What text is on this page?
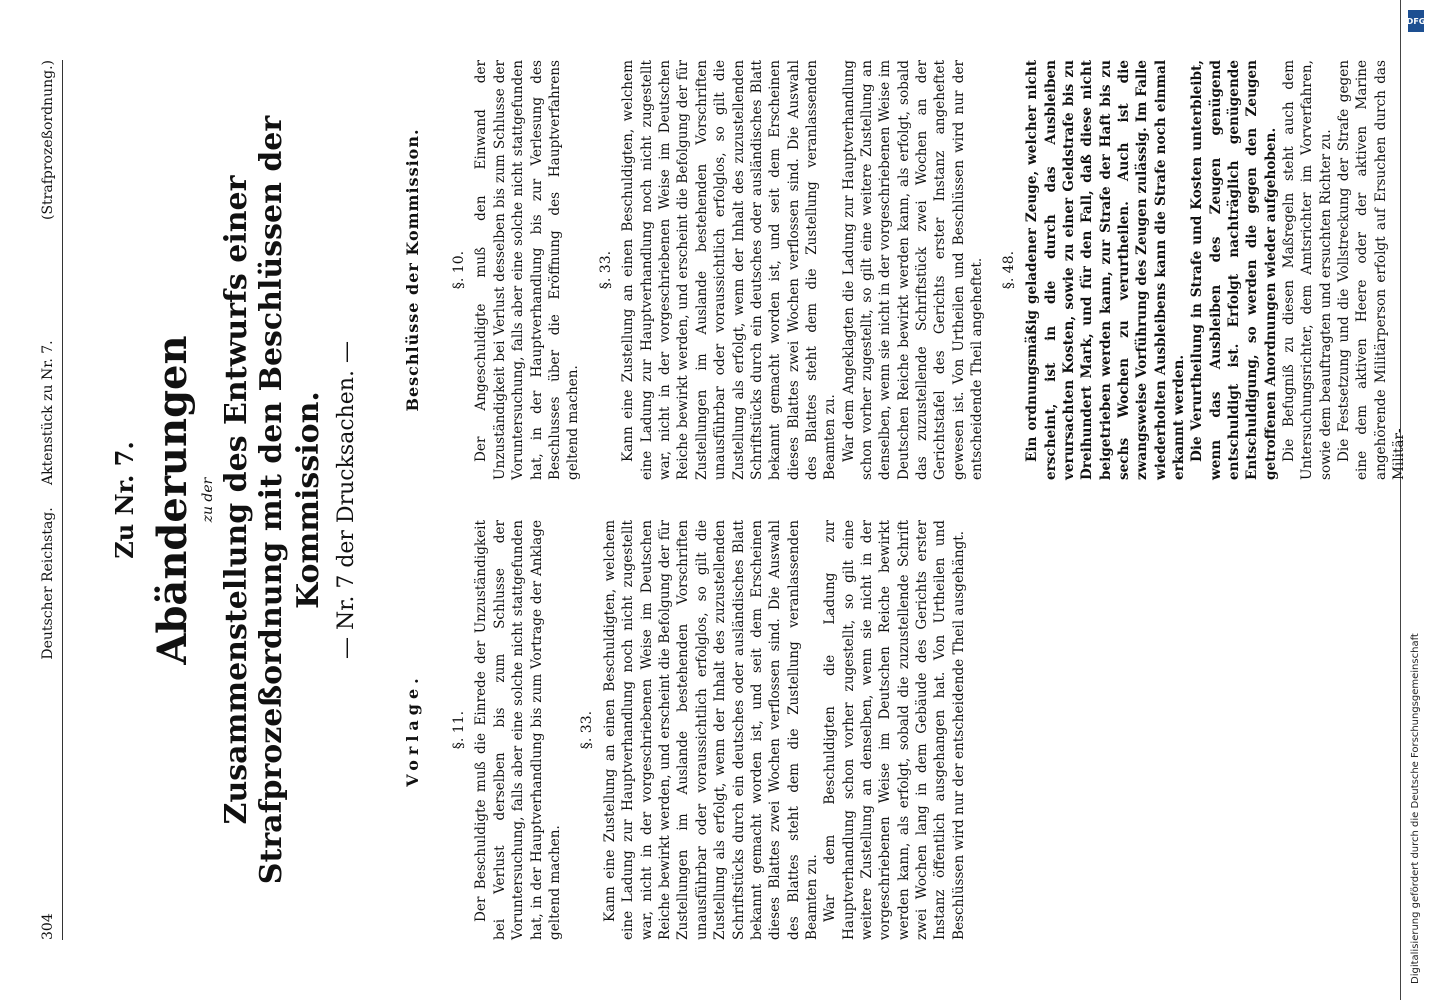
304
Deutscher Reichstag.     Aktenstück zu Nr. 7.
(Strafprozeßordnung.)

Zu Nr. 7. Abänderungen zu der Zusammenstellung des Entwurfs einer Strafprozeßordnung mit den Beschlüssen der Kommission. — Nr. 7 der Drucksachen. —

Vorlage. §. 11. Der Beschuldigte muß die Einrede der Unzuständigkeit bei Verlust derselben bis zum Schlusse der Voruntersuchung, falls aber eine solche nicht stattgefunden hat, in der Hauptverhandlung bis zum Vortrage der Anklage geltend machen.

§. 33. Kann eine Zustellung an einen Beschuldigten, welchem eine Ladung zur Hauptverhandlung noch nicht zugestellt war, nicht in der vorgeschriebenen Weise im Deutschen Reiche bewirkt werden, und erscheint die Befolgung der für Zustellungen im Auslande bestehenden Vorschriften unausführbar oder voraussichtlich erfolglos, so gilt die Zustellung als erfolgt, wenn der Inhalt des zuzustellenden Schriftstücks durch ein deutsches oder ausländisches Blatt bekannt gemacht worden ist, und seit dem Erscheinen dieses Blattes zwei Wochen verflossen sind. Die Auswahl des Blattes steht dem die Zustellung veranlassenden Beamten zu. War dem Beschuldigten die Ladung zur Hauptverhandlung schon vorher zugestellt, so gilt eine weitere Zustellung an denselben, wenn sie nicht in der vorgeschriebenen Weise im Deutschen Reiche bewirkt werden kann, als erfolgt, sobald die zuzustellende Schrift zwei Wochen lang in dem Gebäude des Gerichts erster Instanz öffentlich ausgehangen hat. Von Urtheilen und Beschlüssen wird nur der entscheidende Theil ausgehängt.

Beschlüsse der Kommission. §. 10. Der Angeschuldigte muß den Einwand der Unzuständigkeit bei Verlust desselben bis zum Schlusse der Voruntersuchung, falls aber eine solche nicht stattgefunden hat, in der Hauptverhandlung bis zur Verlesung des Beschlusses über die Eröffnung des Hauptverfahrens geltend machen.

§. 33. Kann eine Zustellung an einen Beschuldigten, welchem eine Ladung zur Hauptverhandlung noch nicht zugestellt war, nicht in der vorgeschriebenen Weise im Deutschen Reiche bewirkt werden, und erscheint die Befolgung der für Zustellungen im Auslande bestehenden Vorschriften unausführbar oder voraussichtlich erfolglos, so gilt die Zustellung als erfolgt, wenn der Inhalt des zuzustellenden Schriftstücks durch ein deutsches oder ausländisches Blatt bekannt gemacht worden ist, und seit dem Erscheinen dieses Blattes zwei Wochen verflossen sind. Die Auswahl des Blattes steht dem die Zustellung veranlassenden Beamten zu. War dem Angeklagten die Ladung zur Hauptverhandlung schon vorher zugestellt, so gilt eine weitere Zustellung an denselben, wenn sie nicht in der vorgeschriebenen Weise im Deutschen Reiche bewirkt werden kann, als erfolgt, sobald das zuzustellende Schriftstück zwei Wochen an der Gerichtstafel des Gerichts erster Instanz angeheftet gewesen ist. Von Urtheilen und Beschlüssen wird nur der entscheidende Theil angeheftet. §. 48. Ein ordnungsmäßig geladener Zeuge, welcher nicht erscheint, ist in die durch das Ausbleiben verursachten Kosten, sowie zu einer Geldstrafe bis zu Dreihundert Mark, und für den Fall, daß diese nicht beigetrieben werden kann, zur Strafe der Haft bis zu sechs Wochen zu verurtheilen. Auch ist die zwangsweise Vorführung des Zeugen zulässig. Im Falle wiederholten Ausbleibens kann die Strafe noch einmal erkannt werden. Die Verurtheilung in Strafe und Kosten unterbleibt, wenn das Ausbleiben des Zeugen genügend entschuldigt ist. Erfolgt nachträglich genügende Entschuldigung, so werden die gegen den Zeugen getroffenen Anordnungen wieder aufgehoben. Die Befugniß zu diesen Maßregeln steht auch dem Untersuchungsrichter, dem Amtsrichter im Vorverfahren, sowie dem beauftragten und ersuchten Richter zu. Die Festsetzung und die Vollstreckung der Strafe gegen eine dem aktiven Heere oder der aktiven Marine angehörende Militärperson erfolgt auf Ersuchen durch das Militär-

DFG
Digitalisierung gefördert durch die Deutsche Forschungsgemeinschaft
